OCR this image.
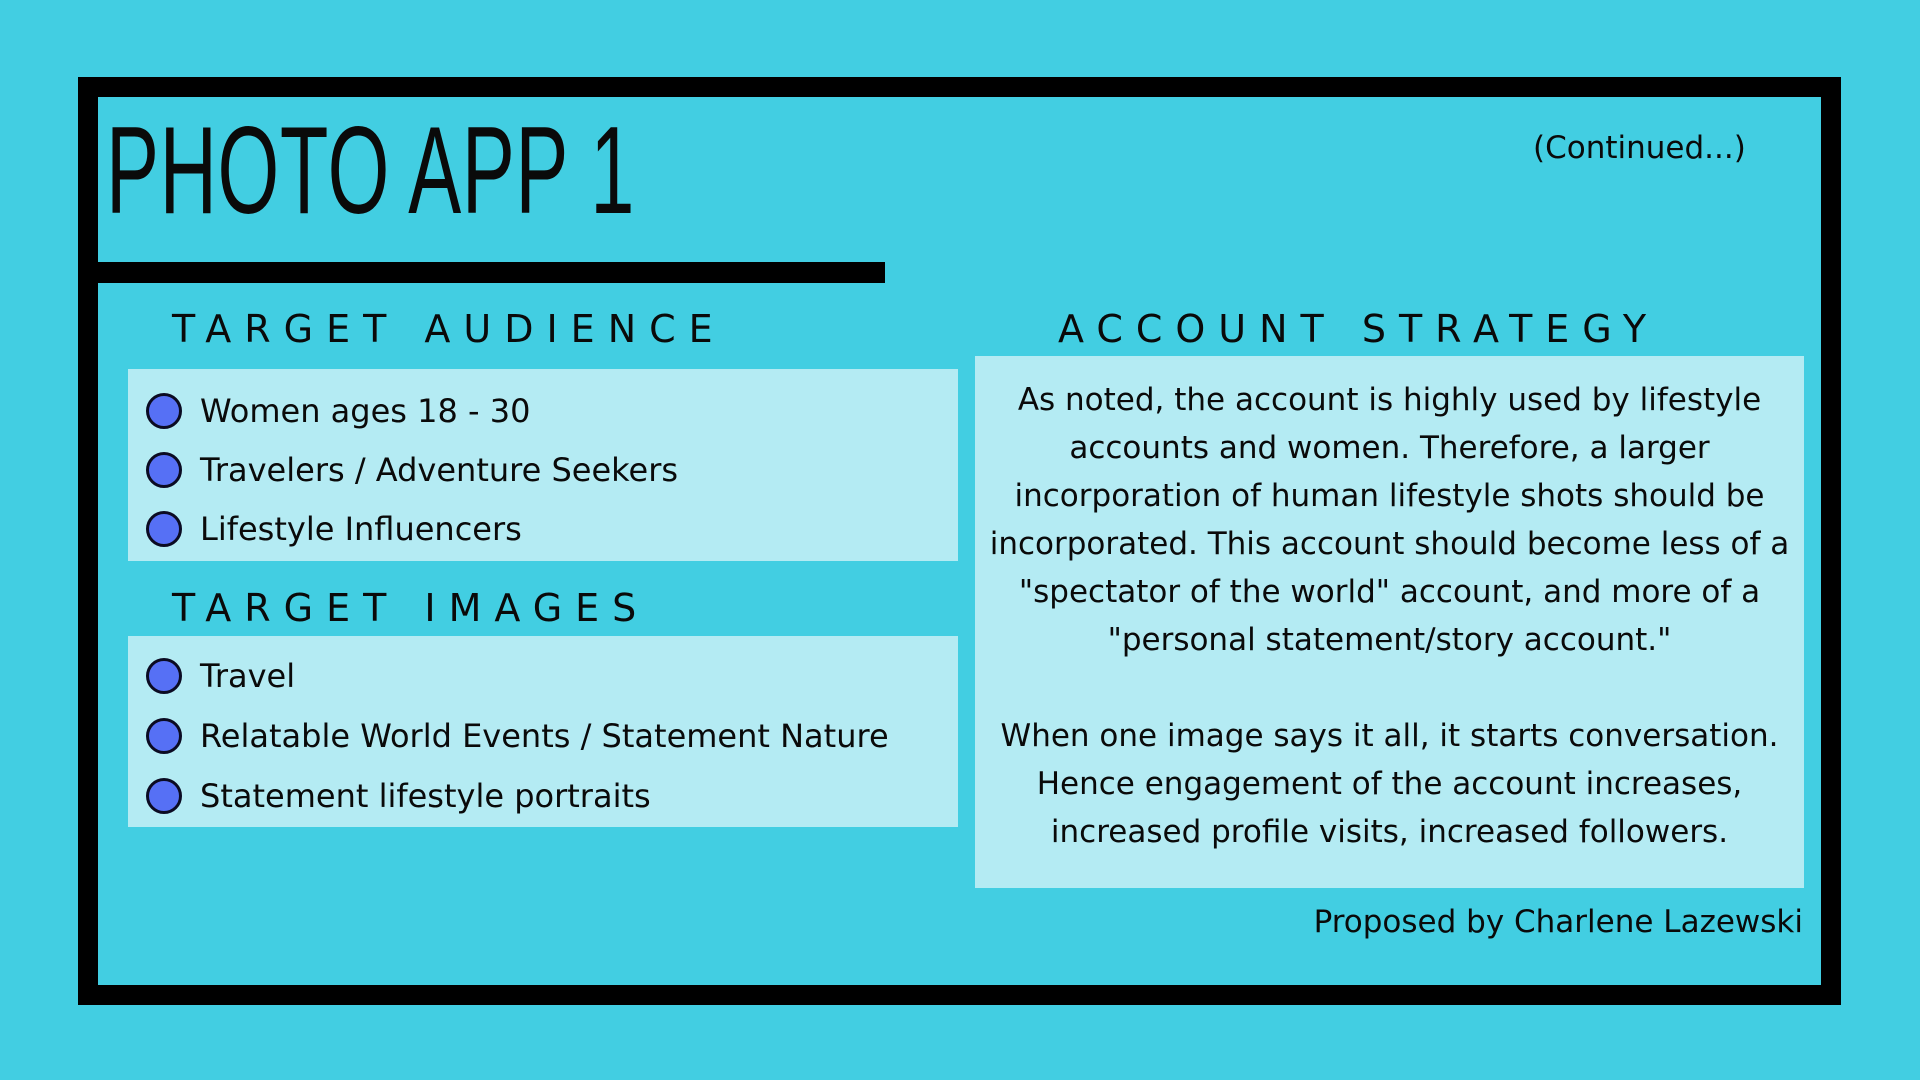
PHOTO APP 1	(Continued...)
TARGET AUDIENCE
Women ages 18 - 30
Travelers / Adventure Seekers
Lifestyle Influencers
TARGET IMAGES
Travel
Relatable World Events / Statement Nature
Statement lifestyle portraits
ACCOUNT STRATEGY

As noted, the account is highly used by lifestyle accounts and women. Therefore, a larger incorporation of human lifestyle shots should be incorporated. This account should become less of a "spectator of the world" account, and more of a "personal statement/story account."

When one image says it all, it starts conversation. Hence engagement of the account increases, increased profile visits, increased followers.

Proposed by Charlene Lazewski
